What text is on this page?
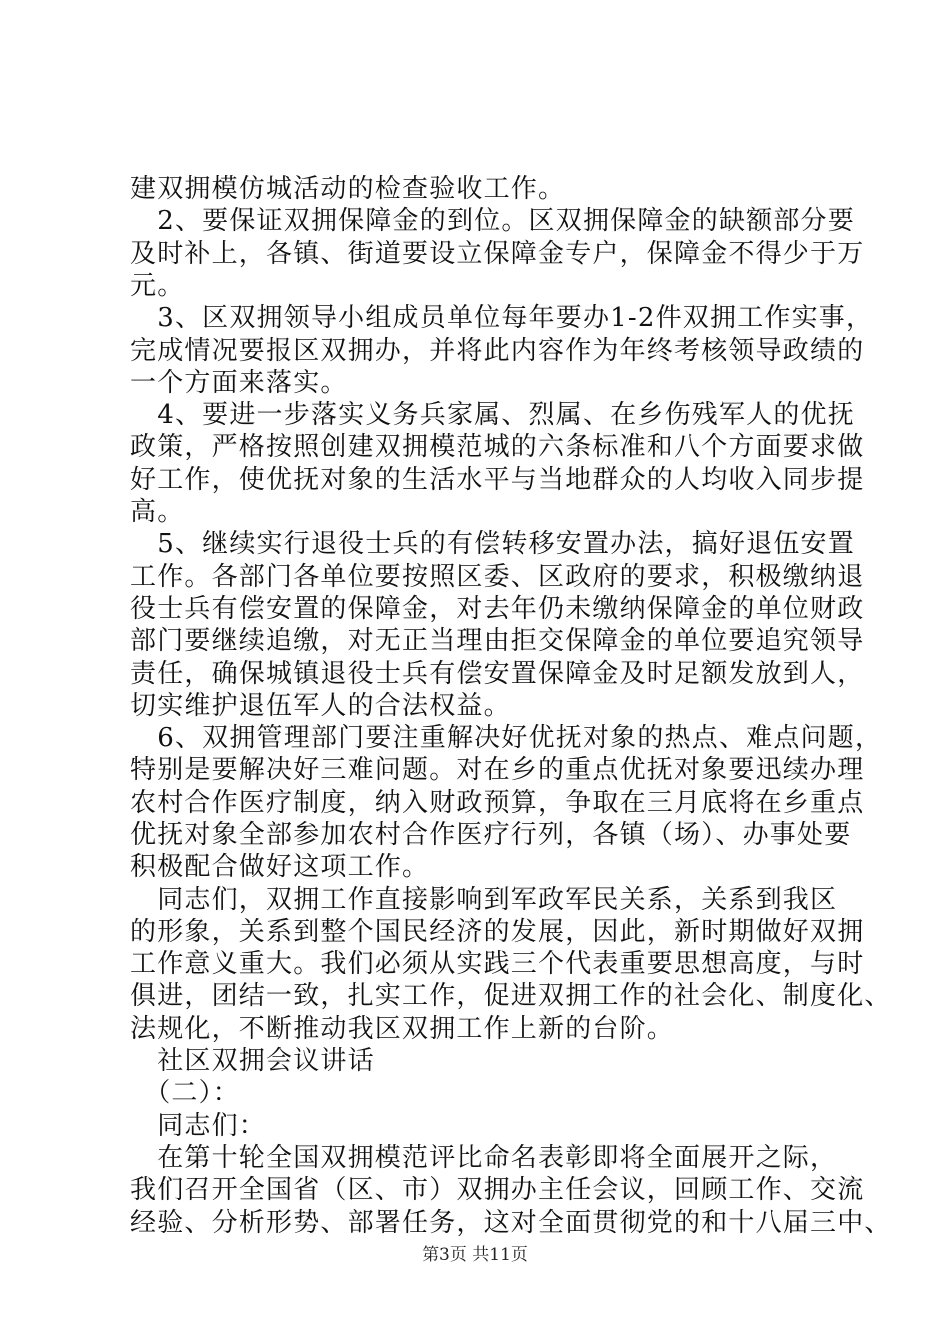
建双拥模仿城活动的检查验收工作。
　2、要保证双拥保障金的到位。区双拥保障金的缺额部分要
及时补上，各镇、街道要设立保障金专户，保障金不得少于万
元。
　3、区双拥领导小组成员单位每年要办1-2件双拥工作实事，
完成情况要报区双拥办，并将此内容作为年终考核领导政绩的
一个方面来落实。
　4、要进一步落实义务兵家属、烈属、在乡伤残军人的优抚
政策，严格按照创建双拥模范城的六条标准和八个方面要求做
好工作，使优抚对象的生活水平与当地群众的人均收入同步提
高。
　5、继续实行退役士兵的有偿转移安置办法，搞好退伍安置
工作。各部门各单位要按照区委、区政府的要求，积极缴纳退
役士兵有偿安置的保障金，对去年仍未缴纳保障金的单位财政
部门要继续追缴，对无正当理由拒交保障金的单位要追究领导
责任，确保城镇退役士兵有偿安置保障金及时足额发放到人，
切实维护退伍军人的合法权益。
　6、双拥管理部门要注重解决好优抚对象的热点、难点问题，
特别是要解决好三难问题。对在乡的重点优抚对象要迅续办理
农村合作医疗制度，纳入财政预算，争取在三月底将在乡重点
优抚对象全部参加农村合作医疗行列，各镇（场）、办事处要
积极配合做好这项工作。
　同志们，双拥工作直接影响到军政军民关系，关系到我区
的形象，关系到整个国民经济的发展，因此，新时期做好双拥
工作意义重大。我们必须从实践三个代表重要思想高度，与时
俱进，团结一致，扎实工作，促进双拥工作的社会化、制度化、
法规化，不断推动我区双拥工作上新的台阶。
　社区双拥会议讲话
　（二）：
　同志们：
　在第十轮全国双拥模范评比命名表彰即将全面展开之际，
我们召开全国省（区、市）双拥办主任会议，回顾工作、交流
经验、分析形势、部署任务，这对全面贯彻党的和十八届三中、
第3页 共11页
